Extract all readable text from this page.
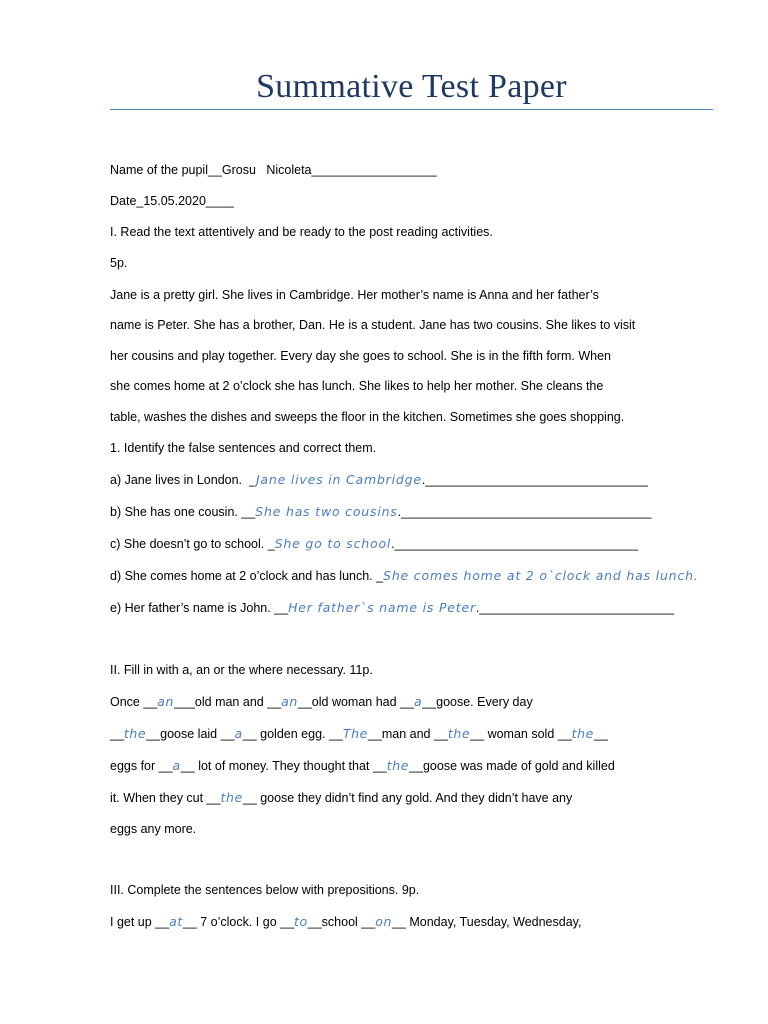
Summative Test Paper
Name of the pupil__Grosu   Nicoleta__________________
Date_15.05.2020____
I. Read the text attentively and be ready to the post reading activities.
5p.
Jane is a pretty girl. She lives in Cambridge. Her mother’s name is Anna and her father’s
name is Peter. She has a brother, Dan. He is a student. Jane has two cousins. She likes to visit
her cousins and play together. Every day she goes to school. She is in the fifth form. When
she comes home at 2 o’clock she has lunch. She likes to help her mother. She cleans the
table, washes the dishes and sweeps the floor in the kitchen. Sometimes she goes shopping.
1. Identify the false sentences and correct them.
a) Jane lives in London.  _Jane lives in Cambridge.________________________________
b) She has one cousin. __She has two cousins.____________________________________
c) She doesn’t go to school. _She go to school.___________________________________
d) She comes home at 2 o’clock and has lunch. _She comes home at 2 o`clock and has lunch.
e) Her father’s name is John. __Her father`s name is Peter.____________________________
II. Fill in with a, an or the where necessary. 11p.
Once __an___old man and __an__old woman had __a__goose. Every day
__the__goose laid __a__ golden egg. __The__man and __the__ woman sold __the__
eggs for __a__ lot of money. They thought that __the__goose was made of gold and killed
it. When they cut __the__ goose they didn’t find any gold. And they didn’t have any
eggs any more.
III. Complete the sentences below with prepositions. 9p.
I get up __at__ 7 o’clock. I go __to__school __on__ Monday, Tuesday, Wednesday,
